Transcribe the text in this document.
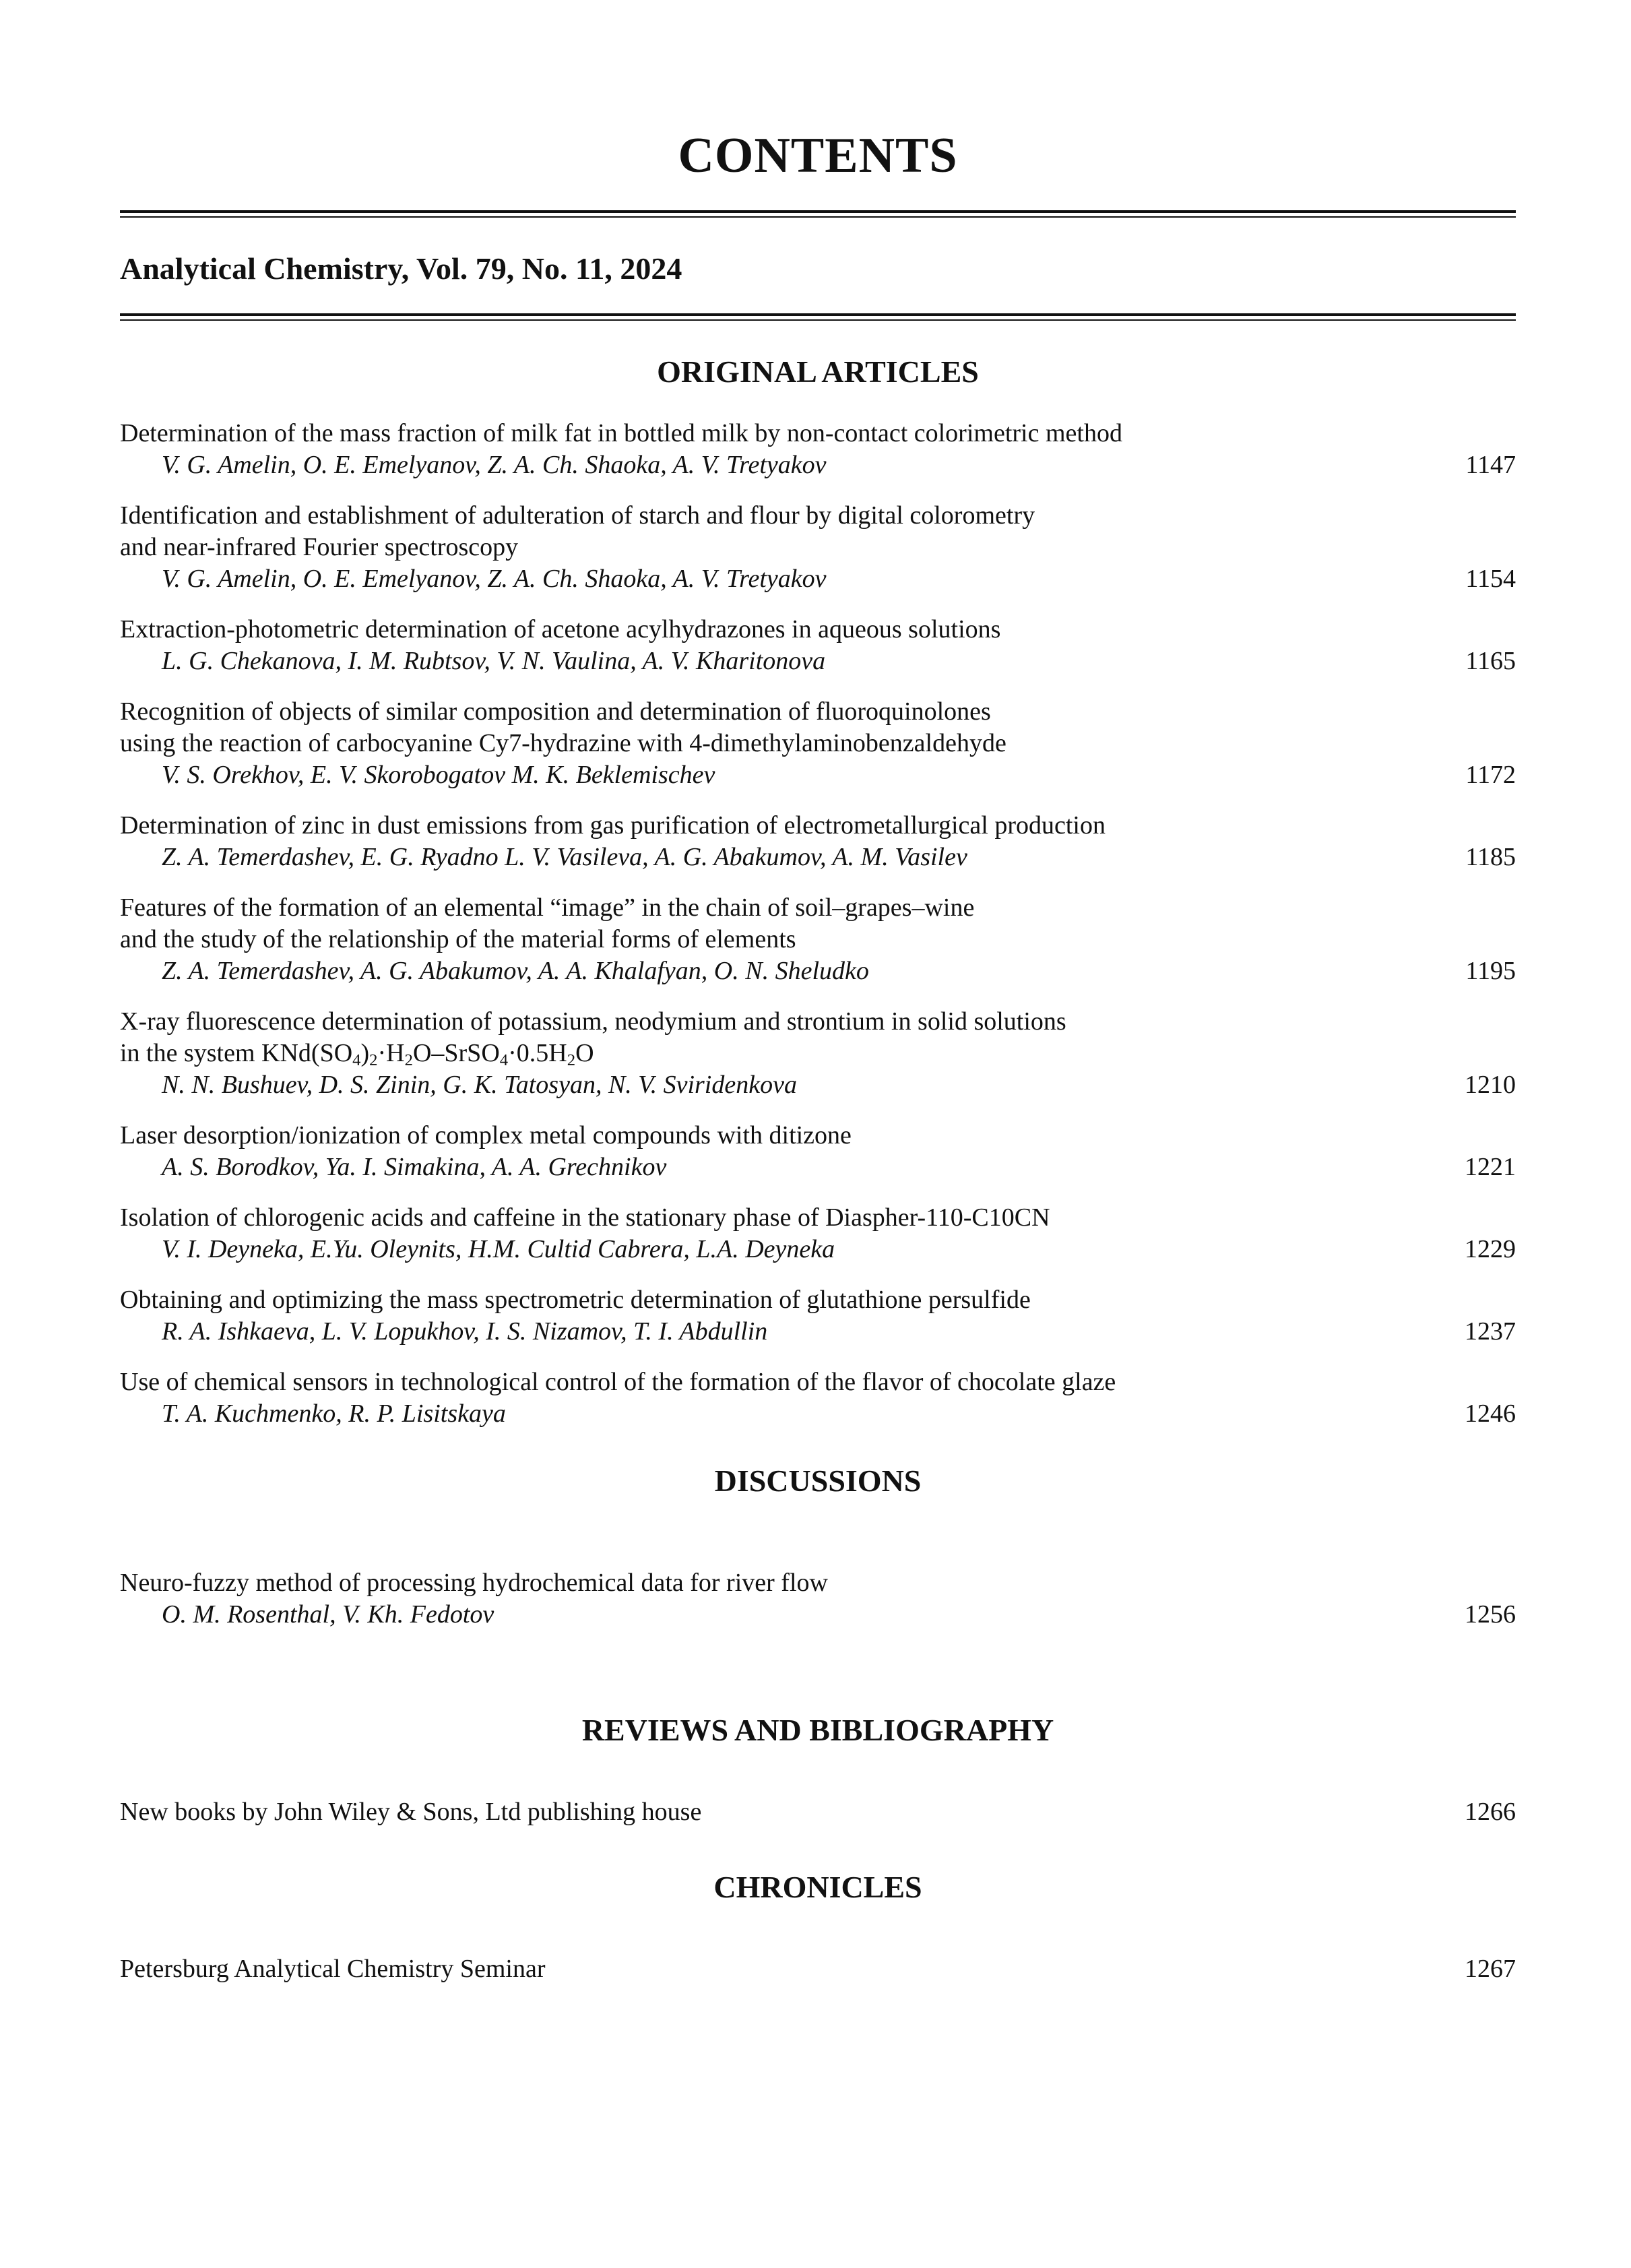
CONTENTS
Analytical Chemistry, Vol. 79, No. 11, 2024
ORIGINAL ARTICLES
Determination of the mass fraction of milk fat in bottled milk by non-contact colorimetric method
V. G. Amelin, O. E. Emelyanov, Z. A. Ch. Shaoka, A. V. Tretyakov	1147
Identification and establishment of adulteration of starch and flour by digital colorometry
and near-infrared Fourier spectroscopy
V. G. Amelin, O. E. Emelyanov, Z. A. Ch. Shaoka, A. V. Tretyakov	1154
Extraction-photometric determination of acetone acylhydrazones in aqueous solutions
L. G. Chekanova, I. M. Rubtsov, V. N. Vaulina, A. V. Kharitonova	1165
Recognition of objects of similar composition and determination of fluoroquinolones
using the reaction of carbocyanine Cy7-hydrazine with 4-dimethylaminobenzaldehyde
V. S. Orekhov, E. V. Skorobogatov M. K. Beklemischev	1172
Determination of zinc in dust emissions from gas purification of electrometallurgical production
Z. A. Temerdashev, E. G. Ryadno L. V. Vasileva, A. G. Abakumov, A. M. Vasilev	1185
Features of the formation of an elemental “image” in the chain of soil–grapes–wine
and the study of the relationship of the material forms of elements
Z. A. Temerdashev, A. G. Abakumov, A. A. Khalafyan, O. N. Sheludko	1195
X-ray fluorescence determination of potassium, neodymium and strontium in solid solutions
in the system $KNd(SO_4)_2\cdot H_2O-SrSO_4\cdot 0.5H_2O$
N. N. Bushuev, D. S. Zinin, G. K. Tatosyan, N. V. Sviridenkova	1210
Laser desorption/ionization of complex metal compounds with ditizone
A. S. Borodkov, Ya. I. Simakina, A. A. Grechnikov	1221
Isolation of chlorogenic acids and caffeine in the stationary phase of Diaspher-110-C10CN
V. I. Deyneka, E.Yu. Oleynits, H.M. Cultid Cabrera, L.A. Deyneka	1229
Obtaining and optimizing the mass spectrometric determination of glutathione persulfide
R. A. Ishkaeva, L. V. Lopukhov, I. S. Nizamov, T. I. Abdullin	1237
Use of chemical sensors in technological control of the formation of the flavor of chocolate glaze
T. A. Kuchmenko, R. P. Lisitskaya	1246
DISCUSSIONS
Neuro-fuzzy method of processing hydrochemical data for river flow
O. M. Rosenthal, V. Kh. Fedotov	1256
REVIEWS AND BIBLIOGRAPHY
New books by John Wiley & Sons, Ltd publishing house	1266
CHRONICLES
Petersburg Analytical Chemistry Seminar	1267
